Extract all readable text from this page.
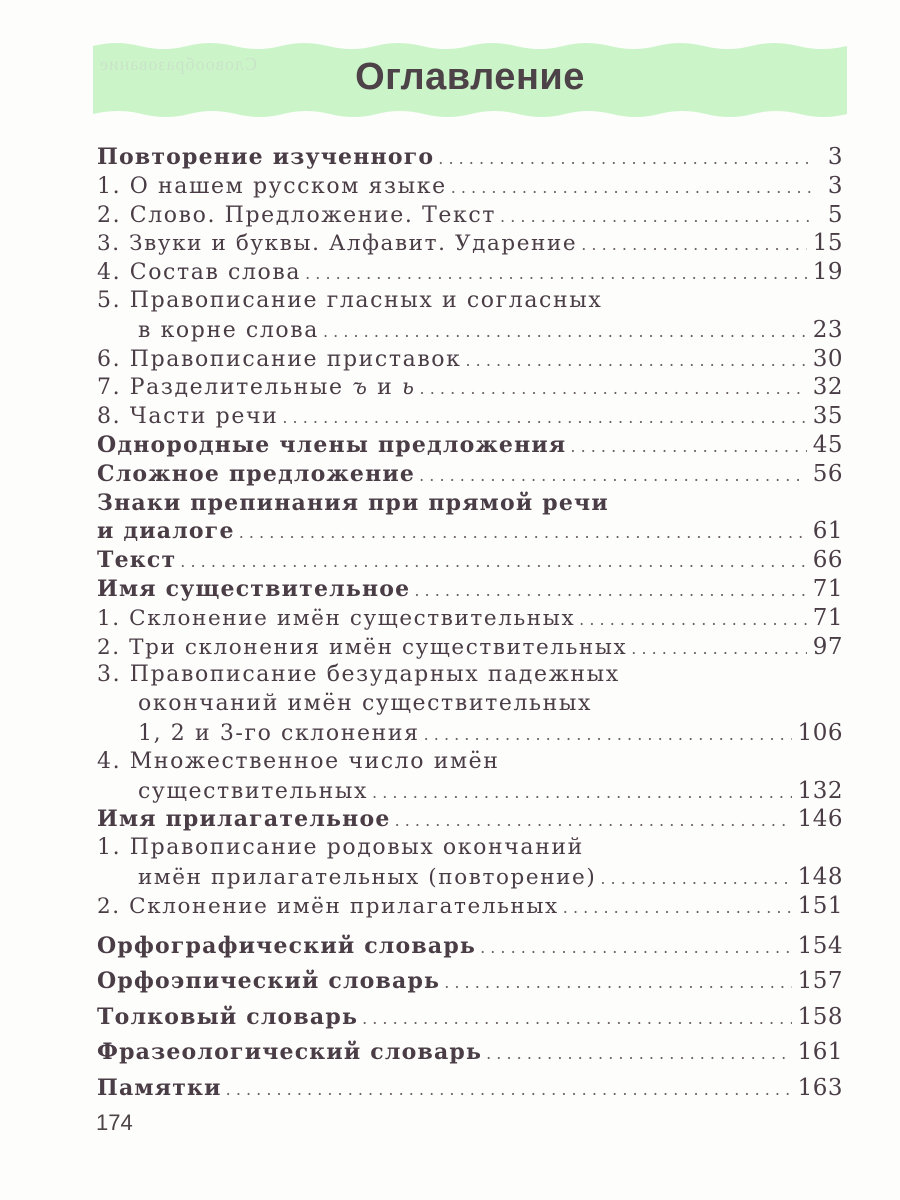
Словообразование	Оглавление
Повторение изученного . . .	3
1. О нашем русском языке . . .	3
2. Слово. Предложение. Текст . . .	5
3. Звуки и буквы. Алфавит. Ударение . . .	15
4. Состав слова . . .	19
5. Правописание гласных и согласных
в корне слова . . .	23
6. Правописание приставок . . .	30
7. Разделительные ъ и ь . . .	32
8. Части речи . . .	35
Однородные члены предложения . . .	45
Сложное предложение . . .	56
Знаки препинания при прямой речи
и диалоге . . .	61
Текст . . .	66
Имя существительное . . .	71
1. Склонение имён существительных . . .	71
2. Три склонения имён существительных . . .	97
3. Правописание безударных падежных
окончаний имён существительных
1, 2 и 3-го склонения . . .	106
4. Множественное число имён
существительных . . .	132
Имя прилагательное . . .	146
1. Правописание родовых окончаний
имён прилагательных (повторение) . . .	148
2. Склонение имён прилагательных . . .	151
Орфографический словарь . . .	154
Орфоэпический словарь . . .	157
Толковый словарь . . .	158
Фразеологический словарь . . .	161
Памятки . . .	163
174
